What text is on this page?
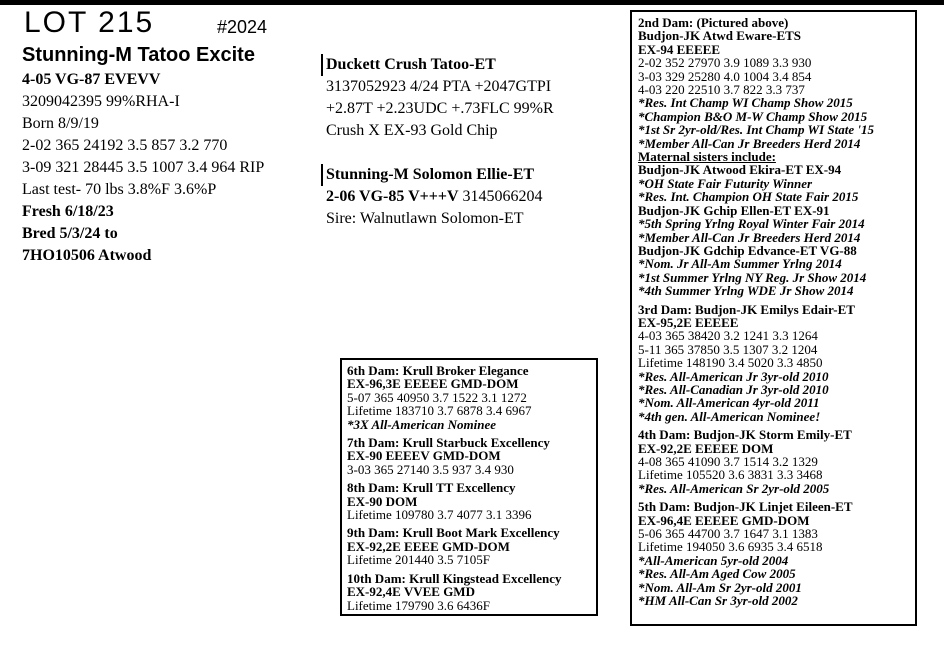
LOT 215	#2024
Stunning-M Tatoo Excite
4-05 VG-87 EVEVV
3209042395 99%RHA-I
Born 8/9/19
2-02 365 24192 3.5 857 3.2 770
3-09 321 28445 3.5 1007 3.4 964 RIP
Last test- 70 lbs 3.8%F 3.6%P
Fresh 6/18/23
Bred 5/3/24 to
7HO10506 Atwood
Duckett Crush Tatoo-ET
3137052923 4/24 PTA +2047GTPI
+2.87T +2.23UDC +.73FLC 99%R
Crush X EX-93 Gold Chip
Stunning-M Solomon Ellie-ET
2-06 VG-85 V+++V 3145066204
Sire: Walnutlawn Solomon-ET
2nd Dam: (Pictured above)
Budjon-JK Atwd Eware-ETS
EX-94 EEEEE
2-02 352 27970 3.9 1089 3.3 930
3-03 329 25280 4.0 1004 3.4 854
4-03 220 22510 3.7 822 3.3 737
*Res. Int Champ WI Champ Show 2015
*Champion B&O M-W Champ Show 2015
*1st Sr 2yr-old/Res. Int Champ WI State '15
*Member All-Can Jr Breeders Herd 2014
Maternal sisters include:
Budjon-JK Atwood Ekira-ET EX-94
*OH State Fair Futurity Winner
*Res. Int. Champion OH State Fair 2015
Budjon-JK Gchip Ellen-ET EX-91
*5th Spring Yrlng Royal Winter Fair 2014
*Member All-Can Jr Breeders Herd 2014
Budjon-JK Gdchip Edvance-ET VG-88
*Nom. Jr All-Am Summer Yrlng 2014
*1st Summer Yrlng NY Reg. Jr Show 2014
*4th Summer Yrlng WDE Jr Show 2014
3rd Dam: Budjon-JK Emilys Edair-ET
EX-95,2E EEEEE
4-03 365 38420 3.2 1241 3.3 1264
5-11 365 37850 3.5 1307 3.2 1204
Lifetime 148190 3.4 5020 3.3 4850
*Res. All-American Jr 3yr-old 2010
*Res. All-Canadian Jr 3yr-old 2010
*Nom. All-American 4yr-old 2011
*4th gen. All-American Nominee!
4th Dam: Budjon-JK Storm Emily-ET
EX-92,2E EEEEE DOM
4-08 365 41090 3.7 1514 3.2 1329
Lifetime 105520 3.6 3831 3.3 3468
*Res. All-American Sr 2yr-old 2005
5th Dam: Budjon-JK Linjet Eileen-ET
EX-96,4E EEEEE GMD-DOM
5-06 365 44700 3.7 1647 3.1 1383
Lifetime 194050 3.6 6935 3.4 6518
*All-American 5yr-old 2004
*Res. All-Am Aged Cow 2005
*Nom. All-Am Sr 2yr-old 2001
*HM All-Can Sr 3yr-old 2002
6th Dam: Krull Broker Elegance
EX-96,3E EEEEE GMD-DOM
5-07 365 40950 3.7 1522 3.1 1272
Lifetime 183710 3.7 6878 3.4 6967
*3X All-American Nominee
7th Dam: Krull Starbuck Excellency
EX-90 EEEEV GMD-DOM
3-03 365 27140 3.5 937 3.4 930
8th Dam: Krull TT Excellency
EX-90 DOM
Lifetime 109780 3.7 4077 3.1 3396
9th Dam: Krull Boot Mark Excellency
EX-92,2E EEEE GMD-DOM
Lifetime 201440 3.5 7105F
10th Dam: Krull Kingstead Excellency
EX-92,4E VVEE GMD
Lifetime 179790 3.6 6436F
